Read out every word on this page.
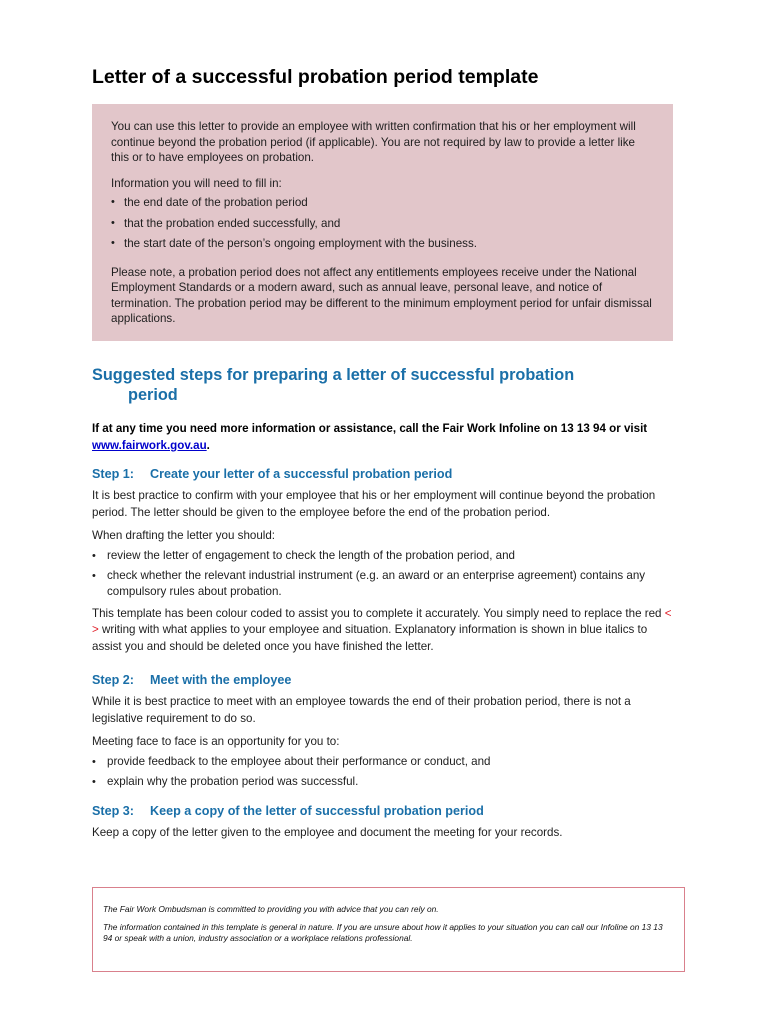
Letter of a successful probation period template

You can use this letter to provide an employee with written confirmation that his or her employment will continue beyond the probation period (if applicable). You are not required by law to provide a letter like this or to have employees on probation.

Information you will need to fill in:

• the end date of the probation period
• that the probation ended successfully, and
• the start date of the person’s ongoing employment with the business.

Please note, a probation period does not affect any entitlements employees receive under the National Employment Standards or a modern award, such as annual leave, personal leave, and notice of termination. The probation period may be different to the minimum employment period for unfair dismissal applications.

Suggested steps for preparing a letter of successful probation
period

If at any time you need more information or assistance, call the Fair Work Infoline on 13 13 94 or visit www.fairwork.gov.au.

Step 1: Create your letter of a successful probation period

It is best practice to confirm with your employee that his or her employment will continue beyond the probation period. The letter should be given to the employee before the end of the probation period.

When drafting the letter you should:

• review the letter of engagement to check the length of the probation period, and
• check whether the relevant industrial instrument (e.g. an award or an enterprise agreement) contains any compulsory rules about probation.

This template has been colour coded to assist you to complete it accurately. You simply need to replace the red < > writing with what applies to your employee and situation. Explanatory information is shown in blue italics to assist you and should be deleted once you have finished the letter.

Step 2: Meet with the employee

While it is best practice to meet with an employee towards the end of their probation period, there is not a legislative requirement to do so.

Meeting face to face is an opportunity for you to:

• provide feedback to the employee about their performance or conduct, and
• explain why the probation period was successful.
Step 3: Keep a copy of the letter of successful probation period

Keep a copy of the letter given to the employee and document the meeting for your records.

The Fair Work Ombudsman is committed to providing you with advice that you can rely on.

The information contained in this template is general in nature. If you are unsure about how it applies to your situation you can call our Infoline on 13 13 94 or speak with a union, industry association or a workplace relations professional.
